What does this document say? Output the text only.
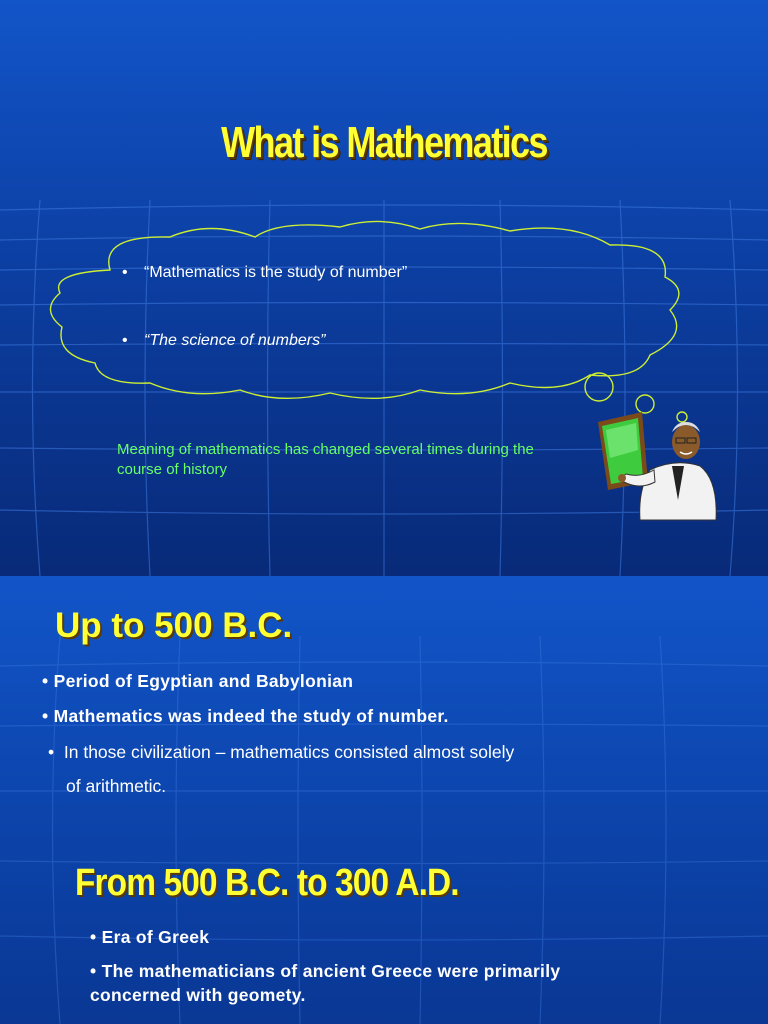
What is Mathematics
• “Mathematics is the study of number”
• “The science of numbers”
Meaning of mathematics has changed several times during the course of history
Up to 500 B.C.
• Period of Egyptian and Babylonian
• Mathematics was indeed the study of number.
• In those civilization – mathematics consisted almost solely
of arithmetic.
From 500 B.C. to 300 A.D.
• Era of Greek
• The mathematicians of ancient Greece were primarily
concerned with geomety.
